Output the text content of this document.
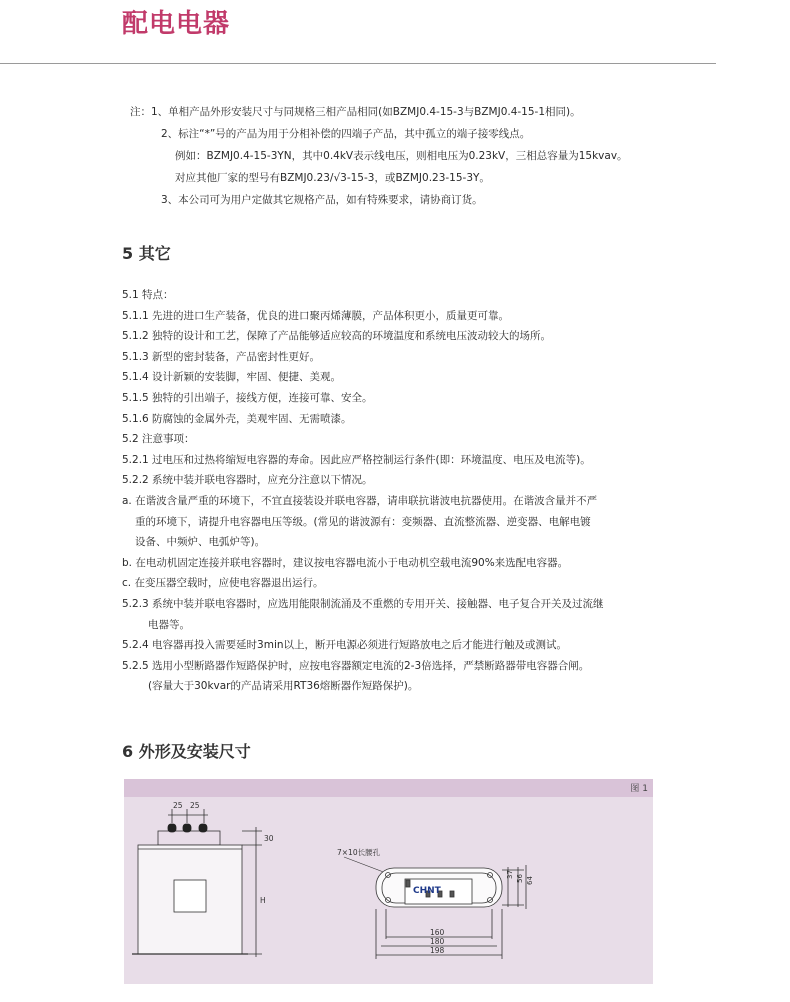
配电电器
注：1、单相产品外形安装尺寸与同规格三相产品相同(如BZMJ0.4-15-3与BZMJ0.4-15-1相同)。
2、标注“*”号的产品为用于分相补偿的四端子产品，其中孤立的端子接零线点。
例如：BZMJ0.4-15-3YN，其中0.4kV表示线电压，则相电压为0.23kV，三相总容量为15kvav。
对应其他厂家的型号有BZMJ0.23/√3-15-3，或BZMJ0.23-15-3Y。
3、本公司可为用户定做其它规格产品，如有特殊要求，请协商订货。
5 其它
5.1 特点：
5.1.1 先进的进口生产装备，优良的进口聚丙烯薄膜，产品体积更小，质量更可靠。
5.1.2 独特的设计和工艺，保障了产品能够适应较高的环境温度和系统电压波动较大的场所。
5.1.3 新型的密封装备，产品密封性更好。
5.1.4 设计新颖的安装脚，牢固、便捷、美观。
5.1.5 独特的引出端子，接线方便，连接可靠、安全。
5.1.6 防腐蚀的金属外壳，美观牢固、无需喷漆。
5.2 注意事项：
5.2.1 过电压和过热将缩短电容器的寿命。因此应严格控制运行条件(即：环境温度、电压及电流等)。
5.2.2 系统中装并联电容器时，应充分注意以下情况。
a. 在谐波含量严重的环境下，不宜直接装设并联电容器，请串联抗谐波电抗器使用。在谐波含量并不严
重的环境下，请提升电容器电压等级。(常见的谐波源有：变频器、直流整流器、逆变器、电解电镀
设备、中频炉、电弧炉等)。
b. 在电动机固定连接并联电容器时，建议按电容器电流小于电动机空载电流90%来选配电容器。
c. 在变压器空载时，应使电容器退出运行。
5.2.3 系统中装并联电容器时，应选用能限制流涌及不重燃的专用开关、接触器、电子复合开关及过流继
电器等。
5.2.4 电容器再投入需要延时3min以上，断开电源必须进行短路放电之后才能进行触及或测试。
5.2.5 选用小型断路器作短路保护时，应按电容器额定电流的2-3倍选择，严禁断路器带电容器合闸。
(容量大于30kvar的产品请采用RT36熔断器作短路保护)。
6 外形及安装尺寸
图 1
25 25
30
H
7×10长腰孔
CHNT
37 56 64
160
180
198
